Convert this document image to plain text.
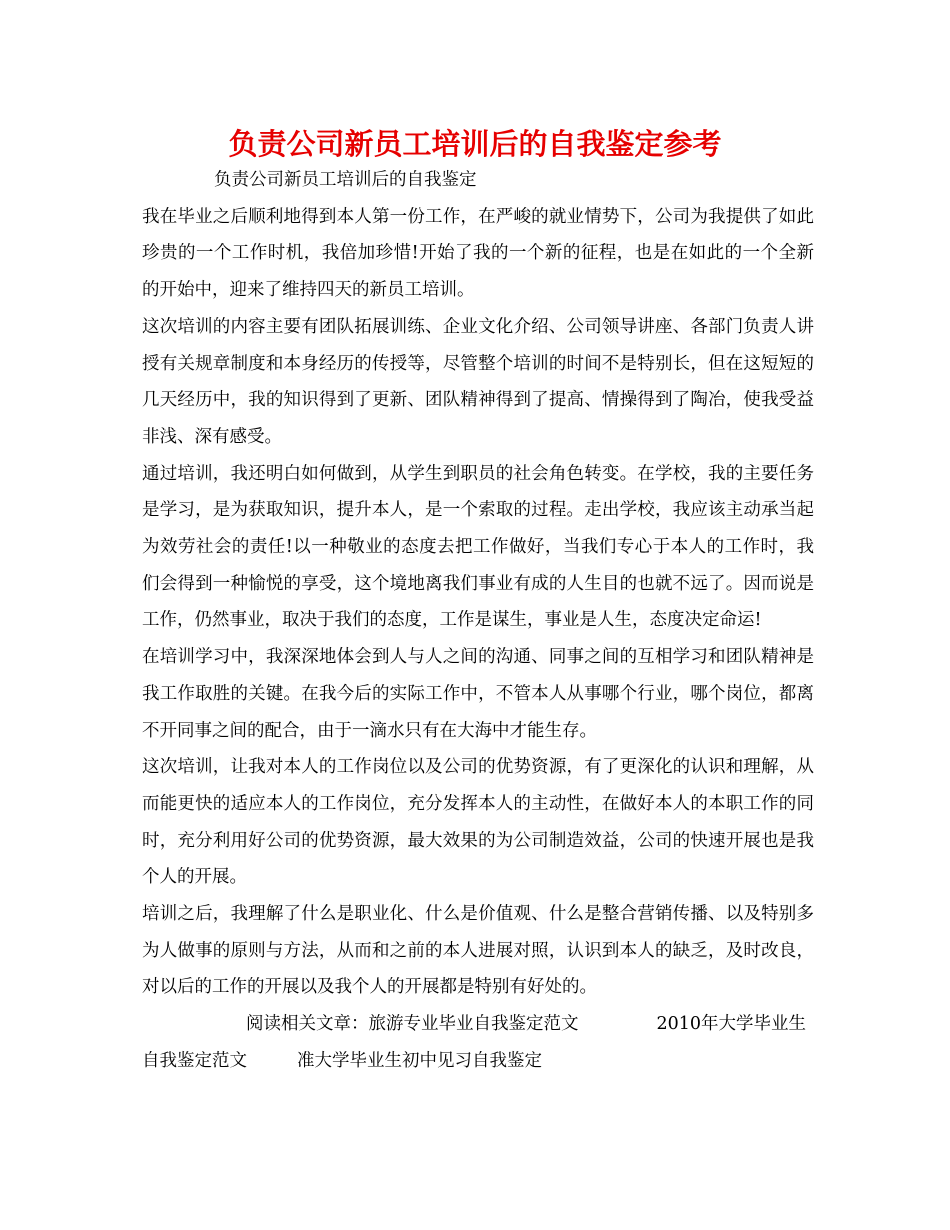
负责公司新员工培训后的自我鉴定参考

负责公司新员工培训后的自我鉴定

我在毕业之后顺利地得到本人第一份工作，在严峻的就业情势下，公司为我提供了如此珍贵的一个工作时机，我倍加珍惜!开始了我的一个新的征程，也是在如此的一个全新的开始中，迎来了维持四天的新员工培训。

这次培训的内容主要有团队拓展训练、企业文化介绍、公司领导讲座、各部门负责人讲授有关规章制度和本身经历的传授等，尽管整个培训的时间不是特别长，但在这短短的几天经历中，我的知识得到了更新、团队精神得到了提高、情操得到了陶冶，使我受益非浅、深有感受。

通过培训，我还明白如何做到，从学生到职员的社会角色转变。在学校，我的主要任务是学习，是为获取知识，提升本人，是一个索取的过程。走出学校，我应该主动承当起为效劳社会的责任!以一种敬业的态度去把工作做好，当我们专心于本人的工作时，我们会得到一种愉悦的享受，这个境地离我们事业有成的人生目的也就不远了。因而说是工作，仍然事业，取决于我们的态度，工作是谋生，事业是人生，态度决定命运!

在培训学习中，我深深地体会到人与人之间的沟通、同事之间的互相学习和团队精神是我工作取胜的关键。在我今后的实际工作中，不管本人从事哪个行业，哪个岗位，都离不开同事之间的配合，由于一滴水只有在大海中才能生存。

这次培训，让我对本人的工作岗位以及公司的优势资源，有了更深化的认识和理解，从而能更快的适应本人的工作岗位，充分发挥本人的主动性，在做好本人的本职工作的同时，充分利用好公司的优势资源，最大效果的为公司制造效益，公司的快速开展也是我个人的开展。

培训之后，我理解了什么是职业化、什么是价值观、什么是整合营销传播、以及特别多为人做事的原则与方法，从而和之前的本人进展对照，认识到本人的缺乏，及时改良，对以后的工作的开展以及我个人的开展都是特别有好处的。

阅读相关文章：旅游专业毕业自我鉴定范文	2010年大学毕业生自我鉴定范文	准大学毕业生初中见习自我鉴定
